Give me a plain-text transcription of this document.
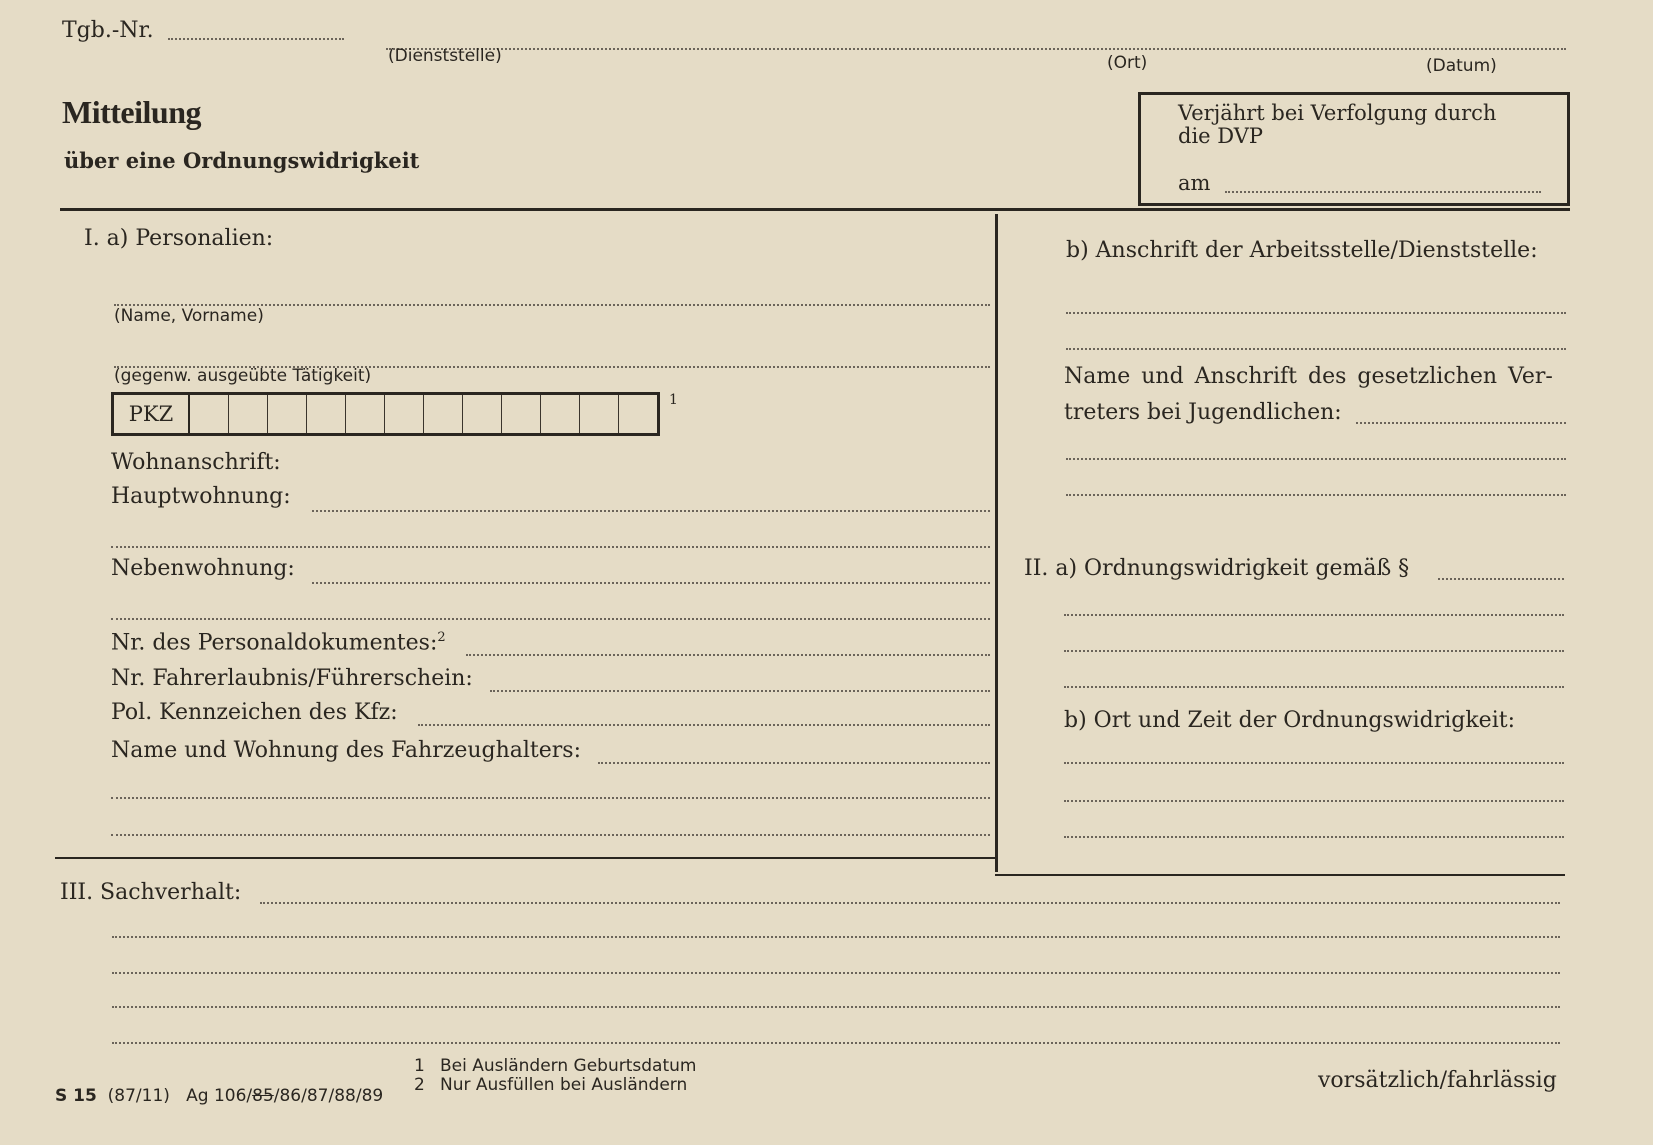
Tgb.-Nr.
(Dienststelle)	(Ort)	(Datum)
Mitteilung
über eine Ordnungswidrigkeit
Verjährt bei Verfolgung durch
die DVP
am
I. a) Personalien:
(Name, Vorname)
(gegenw. ausgeübte Tätigkeit)
PKZ
1
Wohnanschrift:
Hauptwohnung:
Nebenwohnung:
Nr. des Personaldokumentes:$^2$
Nr. Fahrerlaubnis/Führerschein:
Pol. Kennzeichen des Kfz:
Name und Wohnung des Fahrzeughalters:
b) Anschrift der Arbeitsstelle/Dienststelle:
Name und Anschrift des gesetzlichen Ver-
treters bei Jugendlichen:
II. a) Ordnungswidrigkeit gemäß §
b) Ort und Zeit der Ordnungswidrigkeit:
III. Sachverhalt:
S 15 (87/11) Ag 106/85/86/87/88/89
1 Bei Ausländern Geburtsdatum
2 Nur Ausfüllen bei Ausländern	vorsätzlich/fahrlässig
